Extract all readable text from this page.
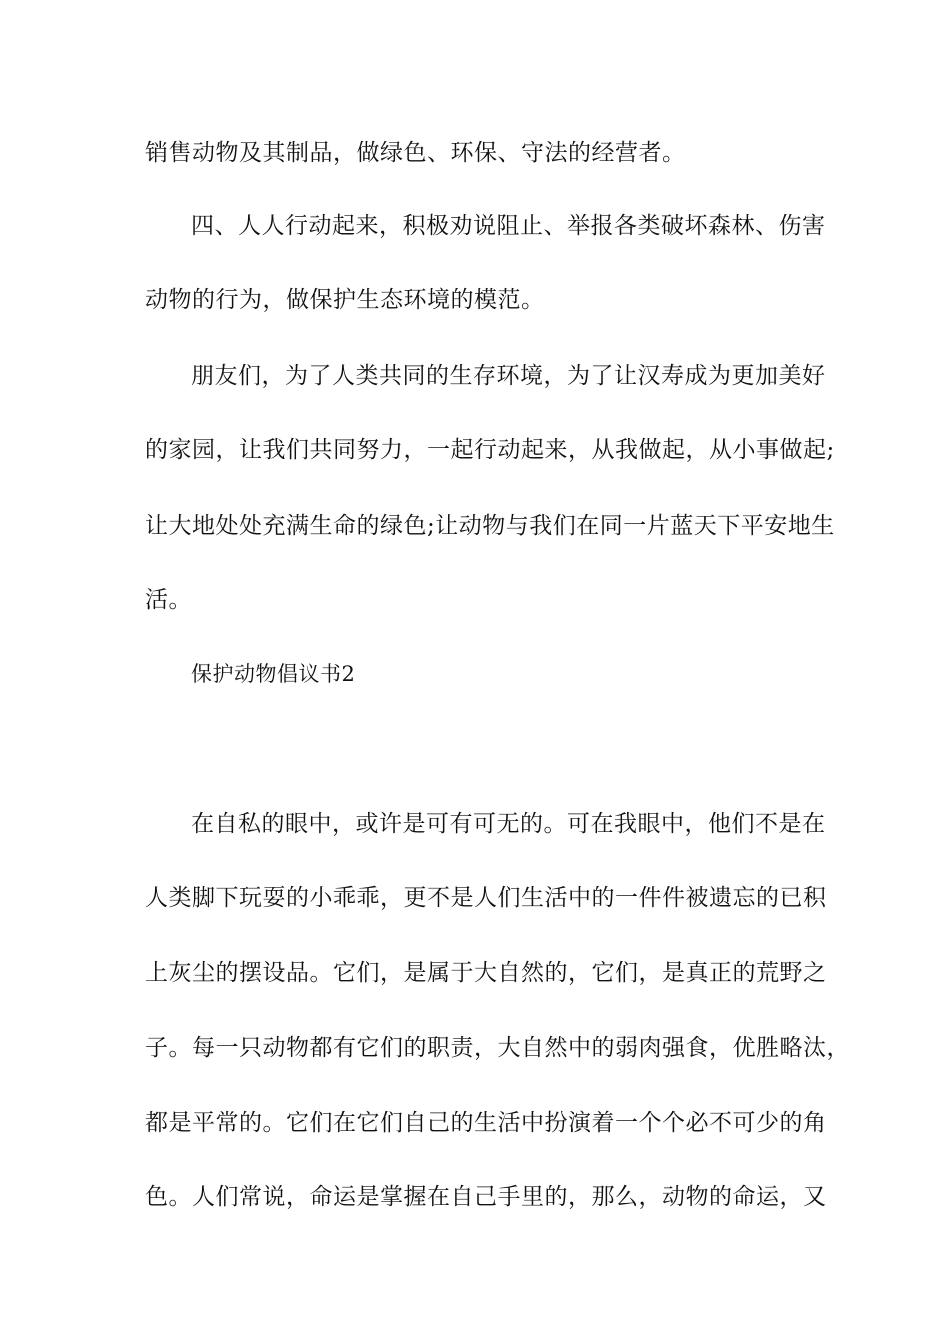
销售动物及其制品，做绿色、环保、守法的经营者。
四、人人行动起来，积极劝说阻止、举报各类破坏森林、伤害
动物的行为，做保护生态环境的模范。
朋友们，为了人类共同的生存环境，为了让汉寿成为更加美好
的家园，让我们共同努力，一起行动起来，从我做起，从小事做起;
让大地处处充满生命的绿色;让动物与我们在同一片蓝天下平安地生
活。
保护动物倡议书2
在自私的眼中，或许是可有可无的。可在我眼中，他们不是在
人类脚下玩耍的小乖乖，更不是人们生活中的一件件被遗忘的已积
上灰尘的摆设品。它们，是属于大自然的，它们，是真正的荒野之
子。每一只动物都有它们的职责，大自然中的弱肉强食，优胜略汰，
都是平常的。它们在它们自己的生活中扮演着一个个必不可少的角
色。人们常说，命运是掌握在自己手里的，那么，动物的命运，又
